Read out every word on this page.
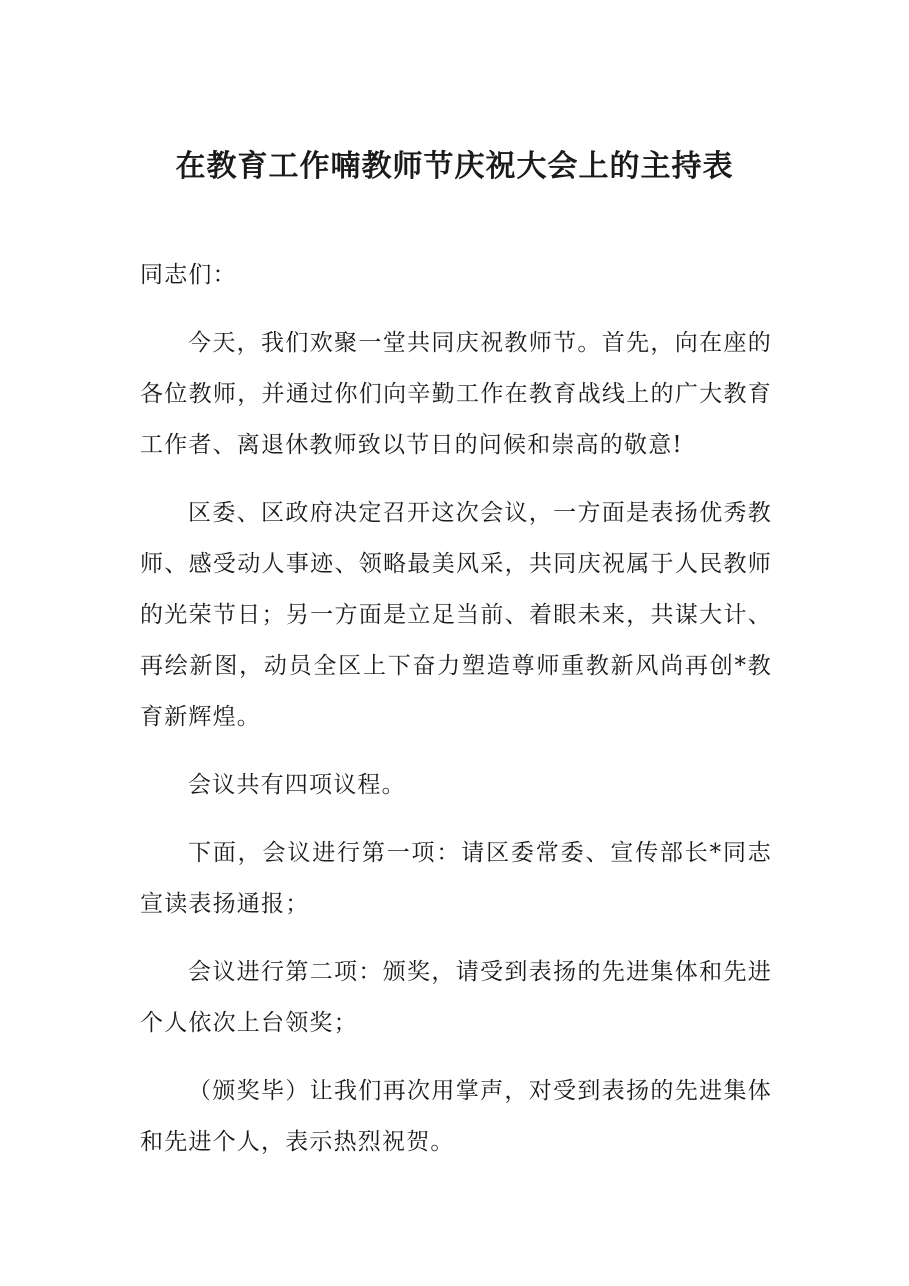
在教育工作喃教师节庆祝大会上的主持表

同志们：

今天，我们欢聚一堂共同庆祝教师节。首先，向在座的各位教师，并通过你们向辛勤工作在教育战线上的广大教育工作者、离退休教师致以节日的问候和崇高的敬意!

区委、区政府决定召开这次会议，一方面是表扬优秀教师、感受动人事迹、领略最美风采，共同庆祝属于人民教师的光荣节日；另一方面是立足当前、着眼未来，共谋大计、再绘新图，动员全区上下奋力塑造尊师重教新风尚再创*教育新辉煌。

会议共有四项议程。

下面，会议进行第一项：请区委常委、宣传部长*同志宣读表扬通报；

会议进行第二项：颁奖，请受到表扬的先进集体和先进个人依次上台领奖；

（颁奖毕）让我们再次用掌声，对受到表扬的先进集体和先进个人，表示热烈祝贺。
